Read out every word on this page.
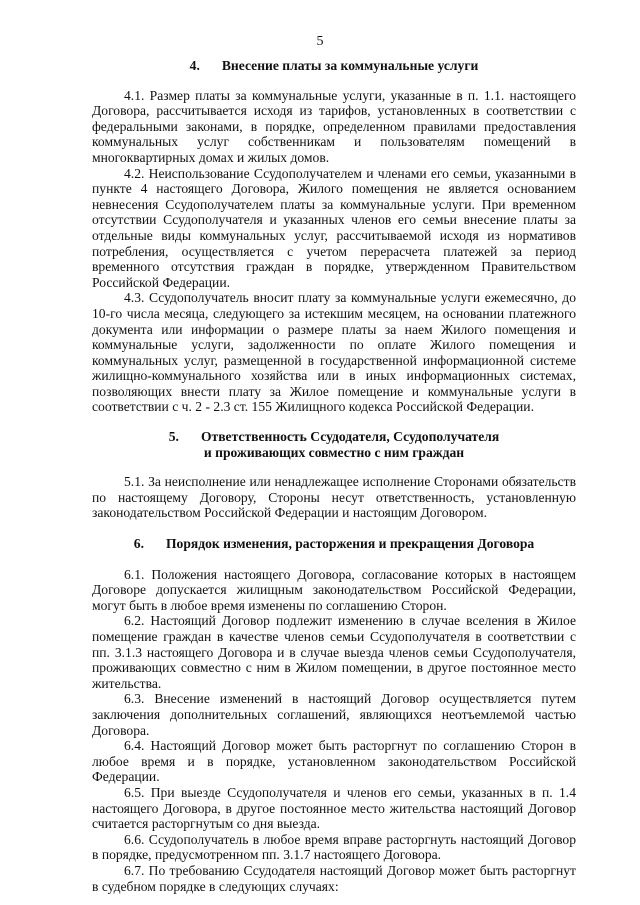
5
4. Внесение платы за коммунальные услуги

4.1. Размер платы за коммунальные услуги, указанные в п. 1.1. настоящего Договора, рассчитывается исходя из тарифов, установленных в соответствии с федеральными законами, в порядке, определенном правилами предоставления коммунальных услуг собственникам и пользователям помещений в многоквартирных домах и жилых домов.

4.2. Неиспользование Ссудополучателем и членами его семьи, указанными в пункте 4 настоящего Договора, Жилого помещения не является основанием невнесения Ссудополучателем платы за коммунальные услуги. При временном отсутствии Ссудополучателя и указанных членов его семьи внесение платы за отдельные виды коммунальных услуг, рассчитываемой исходя из нормативов потребления, осуществляется с учетом перерасчета платежей за период временного отсутствия граждан в порядке, утвержденном Правительством Российской Федерации.

4.3. Ссудополучатель вносит плату за коммунальные услуги ежемесячно, до 10-го числа месяца, следующего за истекшим месяцем, на основании платежного документа или информации о размере платы за наем Жилого помещения и коммунальные услуги, задолженности по оплате Жилого помещения и коммунальных услуг, размещенной в государственной информационной системе жилищно-коммунального хозяйства или в иных информационных системах, позволяющих внести плату за Жилое помещение и коммунальные услуги в соответствии с ч. 2 - 2.3 ст. 155 Жилищного кодекса Российской Федерации.

5. Ответственность Ссудодателя, Ссудополучателя
и проживающих совместно с ним граждан

5.1. За неисполнение или ненадлежащее исполнение Сторонами обязательств по настоящему Договору, Стороны несут ответственность, установленную законодательством Российской Федерации и настоящим Договором.

6. Порядок изменения, расторжения и прекращения Договора

6.1. Положения настоящего Договора, согласование которых в настоящем Договоре допускается жилищным законодательством Российской Федерации, могут быть в любое время изменены по соглашению Сторон.

6.2. Настоящий Договор подлежит изменению в случае вселения в Жилое помещение граждан в качестве членов семьи Ссудополучателя в соответствии с пп. 3.1.3 настоящего Договора и в случае выезда членов семьи Ссудополучателя, проживающих совместно с ним в Жилом помещении, в другое постоянное место жительства.

6.3. Внесение изменений в настоящий Договор осуществляется путем заключения дополнительных соглашений, являющихся неотъемлемой частью Договора.

6.4. Настоящий Договор может быть расторгнут по соглашению Сторон в любое время и в порядке, установленном законодательством Российской Федерации.

6.5. При выезде Ссудополучателя и членов его семьи, указанных в п. 1.4 настоящего Договора, в другое постоянное место жительства настоящий Договор считается расторгнутым со дня выезда.

6.6. Ссудополучатель в любое время вправе расторгнуть настоящий Договор в порядке, предусмотренном пп. 3.1.7 настоящего Договора.

6.7. По требованию Ссудодателя настоящий Договор может быть расторгнут в судебном порядке в следующих случаях:
